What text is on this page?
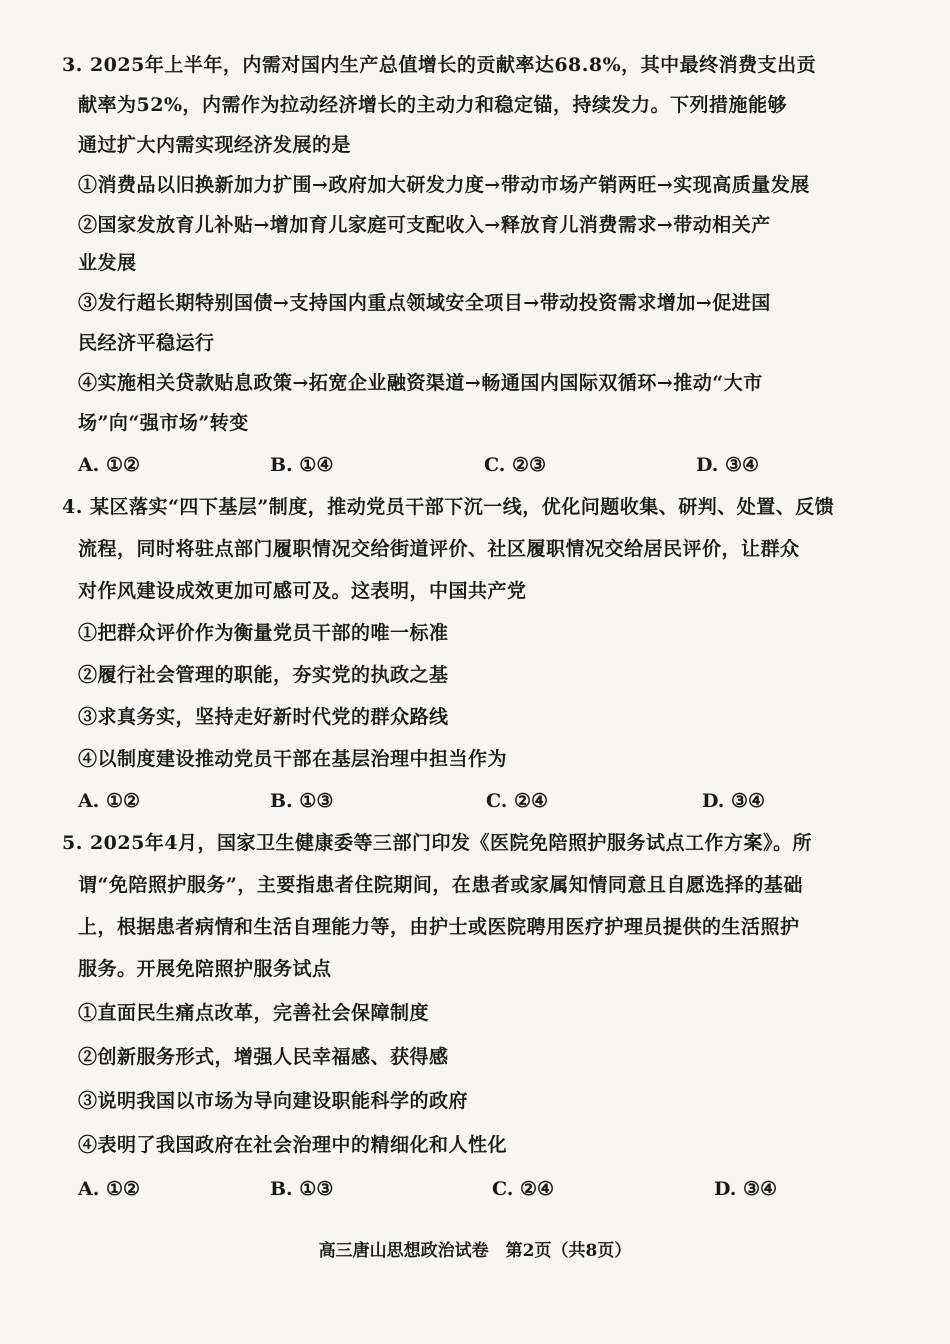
3. 2025年上半年，内需对国内生产总值增长的贡献率达68.8%，其中最终消费支出贡
献率为52%，内需作为拉动经济增长的主动力和稳定锚，持续发力。下列措施能够
通过扩大内需实现经济发展的是
①消费品以旧换新加力扩围→政府加大研发力度→带动市场产销两旺→实现高质量发展
②国家发放育儿补贴→增加育儿家庭可支配收入→释放育儿消费需求→带动相关产
业发展
③发行超长期特别国债→支持国内重点领域安全项目→带动投资需求增加→促进国
民经济平稳运行
④实施相关贷款贴息政策→拓宽企业融资渠道→畅通国内国际双循环→推动“大市
场”向“强市场”转变
A. ①②	B. ①④	C. ②③	D. ③④
4. 某区落实“四下基层”制度，推动党员干部下沉一线，优化问题收集、研判、处置、反馈
流程，同时将驻点部门履职情况交给街道评价、社区履职情况交给居民评价，让群众
对作风建设成效更加可感可及。这表明，中国共产党
①把群众评价作为衡量党员干部的唯一标准
②履行社会管理的职能，夯实党的执政之基
③求真务实，坚持走好新时代党的群众路线
④以制度建设推动党员干部在基层治理中担当作为
A. ①②	B. ①③	C. ②④	D. ③④
5. 2025年4月，国家卫生健康委等三部门印发《医院免陪照护服务试点工作方案》。所
谓“免陪照护服务”，主要指患者住院期间，在患者或家属知情同意且自愿选择的基础
上，根据患者病情和生活自理能力等，由护士或医院聘用医疗护理员提供的生活照护
服务。开展免陪照护服务试点
①直面民生痛点改革，完善社会保障制度
②创新服务形式，增强人民幸福感、获得感
③说明我国以市场为导向建设职能科学的政府
④表明了我国政府在社会治理中的精细化和人性化
A. ①②	B. ①③	C. ②④	D. ③④
高三唐山思想政治试卷　第2页（共8页）
